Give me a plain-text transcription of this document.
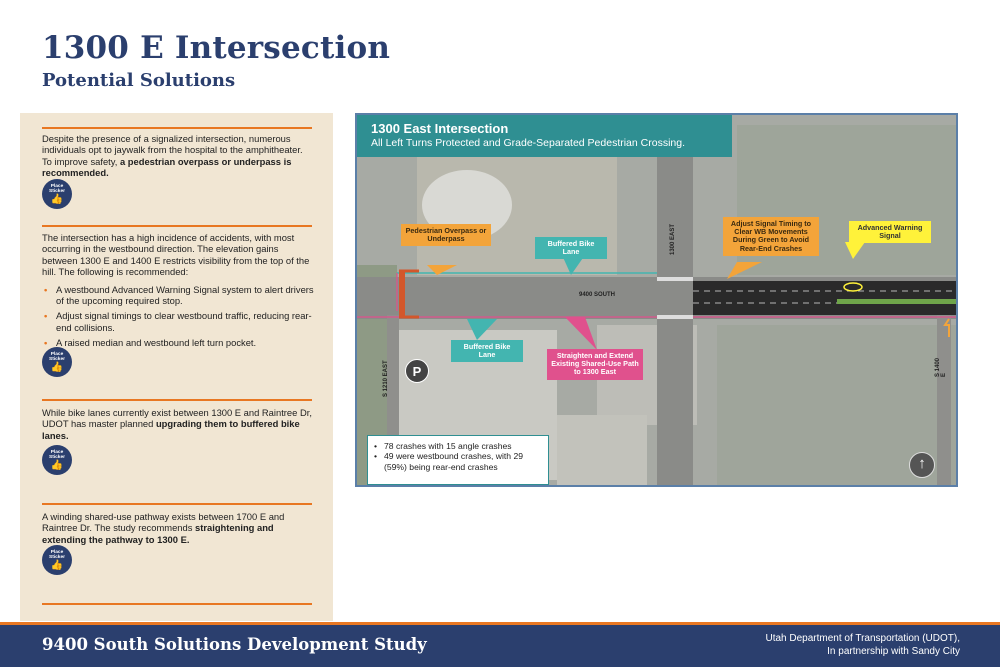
1300 E Intersection
Potential Solutions
Despite the presence of a signalized intersection, numerous individuals opt to jaywalk from the hospital to the amphitheater. To improve safety, a pedestrian overpass or underpass is recommended.
Place
Sticker
👍
The intersection has a high incidence of accidents, with most occurring in the westbound direction. The elevation gains between 1300 E and 1400 E restricts visibility from the top of the hill. The following is recommended:
• A westbound Advanced Warning Signal system to alert drivers of the upcoming required stop.
• Adjust signal timings to clear westbound traffic, reducing rear-end collisions.
• A raised median and westbound left turn pocket.
Place
Sticker
👍
While bike lanes currently exist between 1300 E and Raintree Dr, UDOT has master planned upgrading them to buffered bike lanes.
Place
Sticker
👍
A winding shared-use pathway exists between 1700 E and Raintree Dr. The study recommends straightening and extending the pathway to 1300 E.
Place
Sticker
👍
1300 East Intersection
All Left Turns Protected and Grade-Separated Pedestrian Crossing.
Pedestrian Overpass or Underpass
Buffered Bike Lane
Buffered Bike Lane	Straighten and Extend Existing Shared-Use Path to 1300 East
Adjust Signal Timing to Clear WB Movements During Green to Avoid Rear-End Crashes
Advanced Warning Signal
9400 SOUTH
1300 EAST
S 1210 EAST	S 1400 E
P
• 78 crashes with 15 angle crashes
• 49 were westbound crashes, with 29 (59%) being rear-end crashes	↑
9400 South Solutions Development Study	Utah Department of Transportation (UDOT),
In partnership with Sandy City
